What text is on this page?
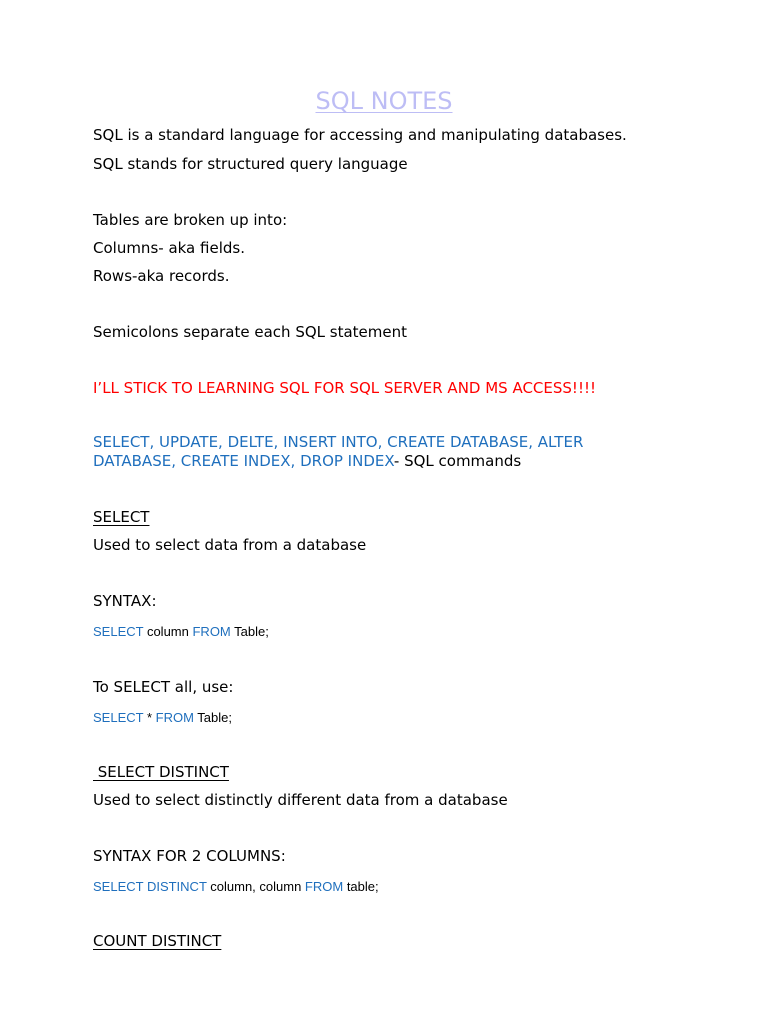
SQL NOTES
SQL is a standard language for accessing and manipulating databases.
SQL stands for structured query language
Tables are broken up into:
Columns- aka fields.
Rows-aka records.
Semicolons separate each SQL statement
I’LL STICK TO LEARNING SQL FOR SQL SERVER AND MS ACCESS!!!!
SELECT, UPDATE, DELTE, INSERT INTO, CREATE DATABASE, ALTER
DATABASE, CREATE INDEX, DROP INDEX- SQL commands
SELECT
Used to select data from a database
SYNTAX:
SELECT column FROM Table;
To SELECT all, use:
SELECT * FROM Table;
SELECT DISTINCT
Used to select distinctly different data from a database
SYNTAX FOR 2 COLUMNS:
SELECT DISTINCT column, column FROM table;
COUNT DISTINCT
